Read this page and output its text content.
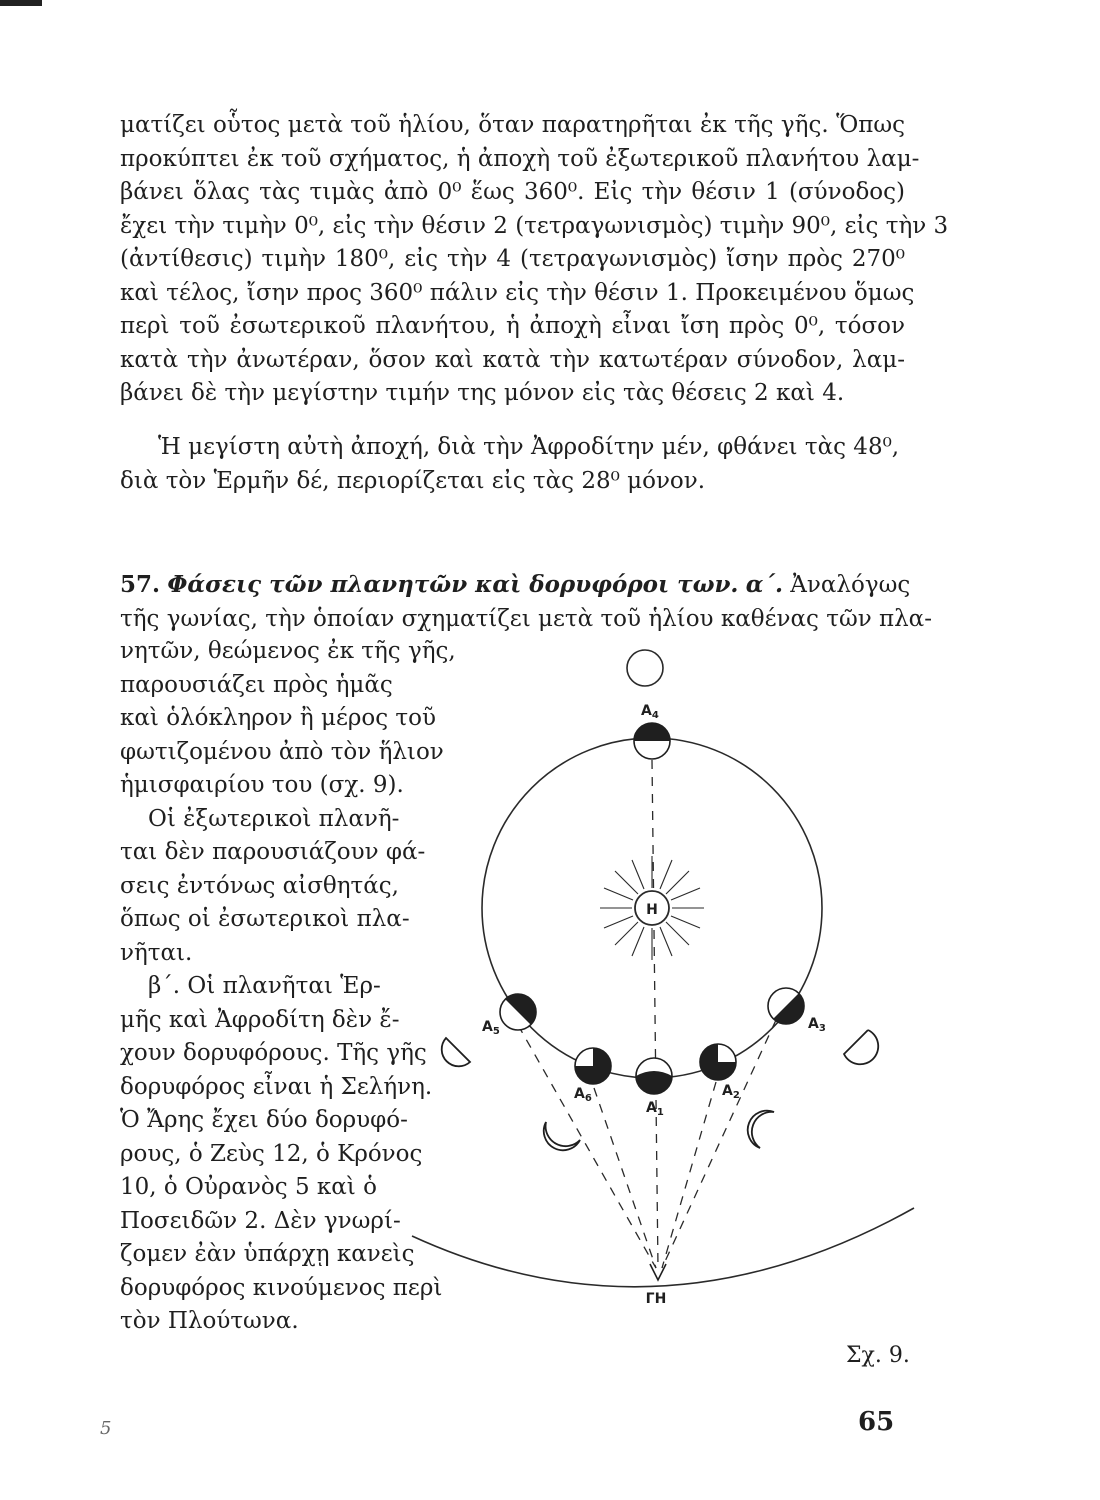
ματίζει οὗτος μετὰ τοῦ ἡλίου, ὅταν παρατηρῆται ἐκ τῆς γῆς. Ὅπως
προκύπτει ἐκ τοῦ σχήματος, ἡ ἀποχὴ τοῦ ἐξωτερικοῦ πλανήτου λαμ-
βάνει ὅλας τὰς τιμὰς ἀπὸ 0⁰ ἕως 360⁰. Εἰς τὴν θέσιν 1 (σύνοδος)
ἔχει τὴν τιμὴν 0⁰, εἰς τὴν θέσιν 2 (τετραγωνισμὸς) τιμὴν 90⁰, εἰς τὴν 3
(ἀντίθεσις) τιμὴν 180⁰, εἰς τὴν 4 (τετραγωνισμὸς) ἴσην πρὸς 270⁰
καὶ τέλος, ἴσην προς 360⁰ πάλιν εἰς τὴν θέσιν 1. Προκειμένου ὅμως
περὶ τοῦ ἐσωτερικοῦ πλανήτου, ἡ ἀποχὴ εἶναι ἴση πρὸς 0⁰, τόσον
κατὰ τὴν ἀνωτέραν, ὅσον καὶ κατὰ τὴν κατωτέραν σύνοδον, λαμ-
βάνει δὲ τὴν μεγίστην τιμήν της μόνον εἰς τὰς θέσεις 2 καὶ 4.
Ἡ μεγίστη αὐτὴ ἀποχή, διὰ τὴν Ἀφροδίτην μέν, φθάνει τὰς 48⁰,
διὰ τὸν Ἑρμῆν δέ, περιορίζεται εἰς τὰς 28⁰ μόνον.
57. Φάσεις τῶν πλανητῶν καὶ δορυφόροι των. α΄. Ἀναλόγως
τῆς γωνίας, τὴν ὁποίαν σχηματίζει μετὰ τοῦ ἡλίου καθένας τῶν πλα-
νητῶν, θεώμενος ἐκ τῆς γῆς,
παρουσιάζει πρὸς ἡμᾶς
καὶ ὁλόκληρον ἢ μέρος τοῦ
φωτιζομένου ἀπὸ τὸν ἥλιον
ἡμισφαιρίου του (σχ. 9).
Οἱ ἐξωτερικοὶ πλανῆ-
ται δὲν παρουσιάζουν φά-
σεις ἐντόνως αἰσθητάς,
ὅπως οἱ ἐσωτερικοὶ πλα-
νῆται.
β΄. Οἱ πλανῆται Ἑρ-
μῆς καὶ Ἀφροδίτη δὲν ἔ-
χουν δορυφόρους. Τῆς γῆς
δορυφόρος εἶναι ἡ Σελήνη.
Ὁ Ἄρης ἔχει δύο δορυφό-
ρους, ὁ Ζεὺς 12, ὁ Κρόνος
10, ὁ Οὐρανὸς 5 καὶ ὁ
Ποσειδῶν 2. Δὲν γνωρί-
ζομεν ἐὰν ὑπάρχῃ κανεὶς
δορυφόρος κινούμενος περὶ
τὸν Πλούτωνα.
Η
ΓΗ
$A_4$
$A_5$
$A_6$
$A_1$
$A_2$
$A_3$
Σχ. 9.
65
5
